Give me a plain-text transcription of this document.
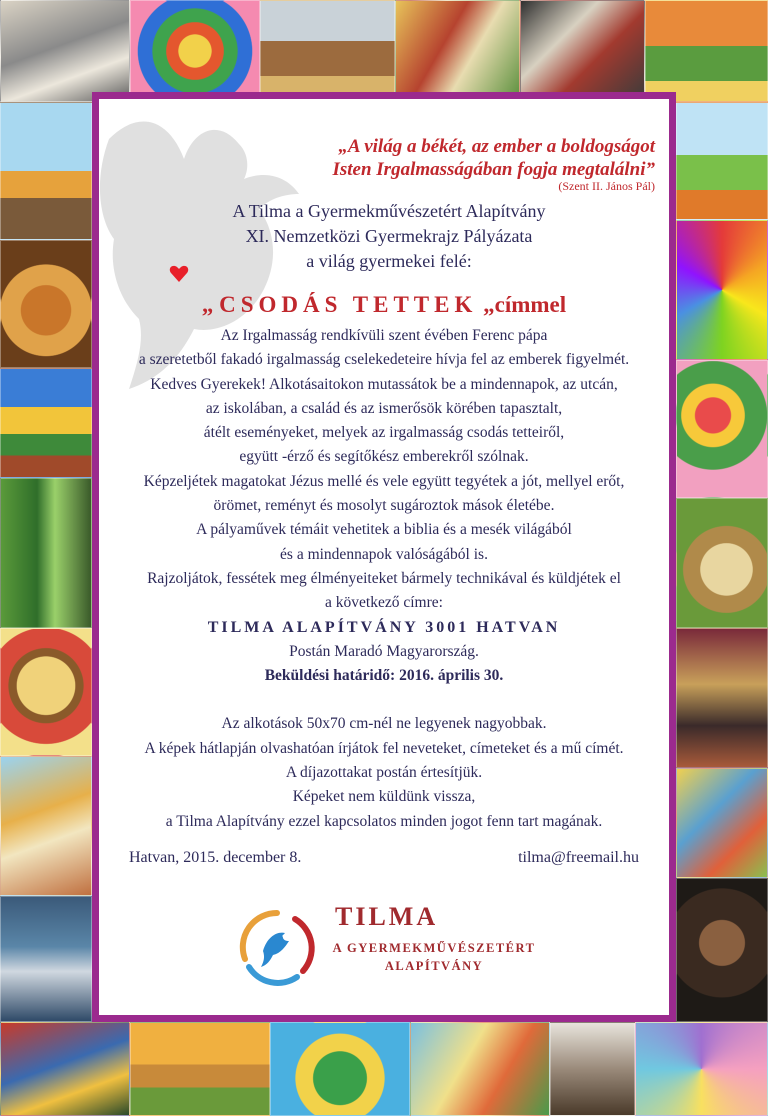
„A világ a békét, az ember a boldogságot
Isten Irgalmasságában fogja megtalálni”
(Szent II. János Pál)
A Tilma a Gyermekművészetért Alapítvány
XI. Nemzetközi Gyermekrajz Pályázata
a világ gyermekei felé:
„ CSODÁS TETTEK „címmel

Az Irgalmasság rendkívüli szent évében Ferenc pápa

a szeretetből fakadó irgalmasság cselekedeteire hívja fel az emberek figyelmét.

Kedves Gyerekek! Alkotásaitokon mutassátok be a mindennapok, az utcán,

az iskolában, a család és az ismerősök körében tapasztalt,

átélt eseményeket, melyek az irgalmasság csodás tetteiről,

együtt -érző és segítőkész emberekről szólnak.

Képzeljétek magatokat Jézus mellé és vele együtt tegyétek a jót, mellyel erőt,

örömet, reményt és mosolyt sugároztok mások életébe.

A pályaművek témáit vehetitek a biblia és a mesék világából

és a mindennapok valóságából is.

Rajzoljátok, fessétek meg élményeiteket bármely technikával és küldjétek el

a következő címre:

TILMA ALAPÍTVÁNY 3001 HATVAN

Postán Maradó Magyarország.

Beküldési határidő: 2016. április 30.

Az alkotások 50x70 cm-nél ne legyenek nagyobbak.

A képek hátlapján olvashatóan írjátok fel neveteket, címeteket és a mű címét.

A díjazottakat postán értesítjük.

Képeket nem küldünk vissza,

a Tilma Alapítvány ezzel kapcsolatos minden jogot fenn tart magának.

Hatvan, 2015. december 8.	tilma@freemail.hu
TILMA
A GYERMEKMŰVÉSZETÉRT
ALAPÍTVÁNY
